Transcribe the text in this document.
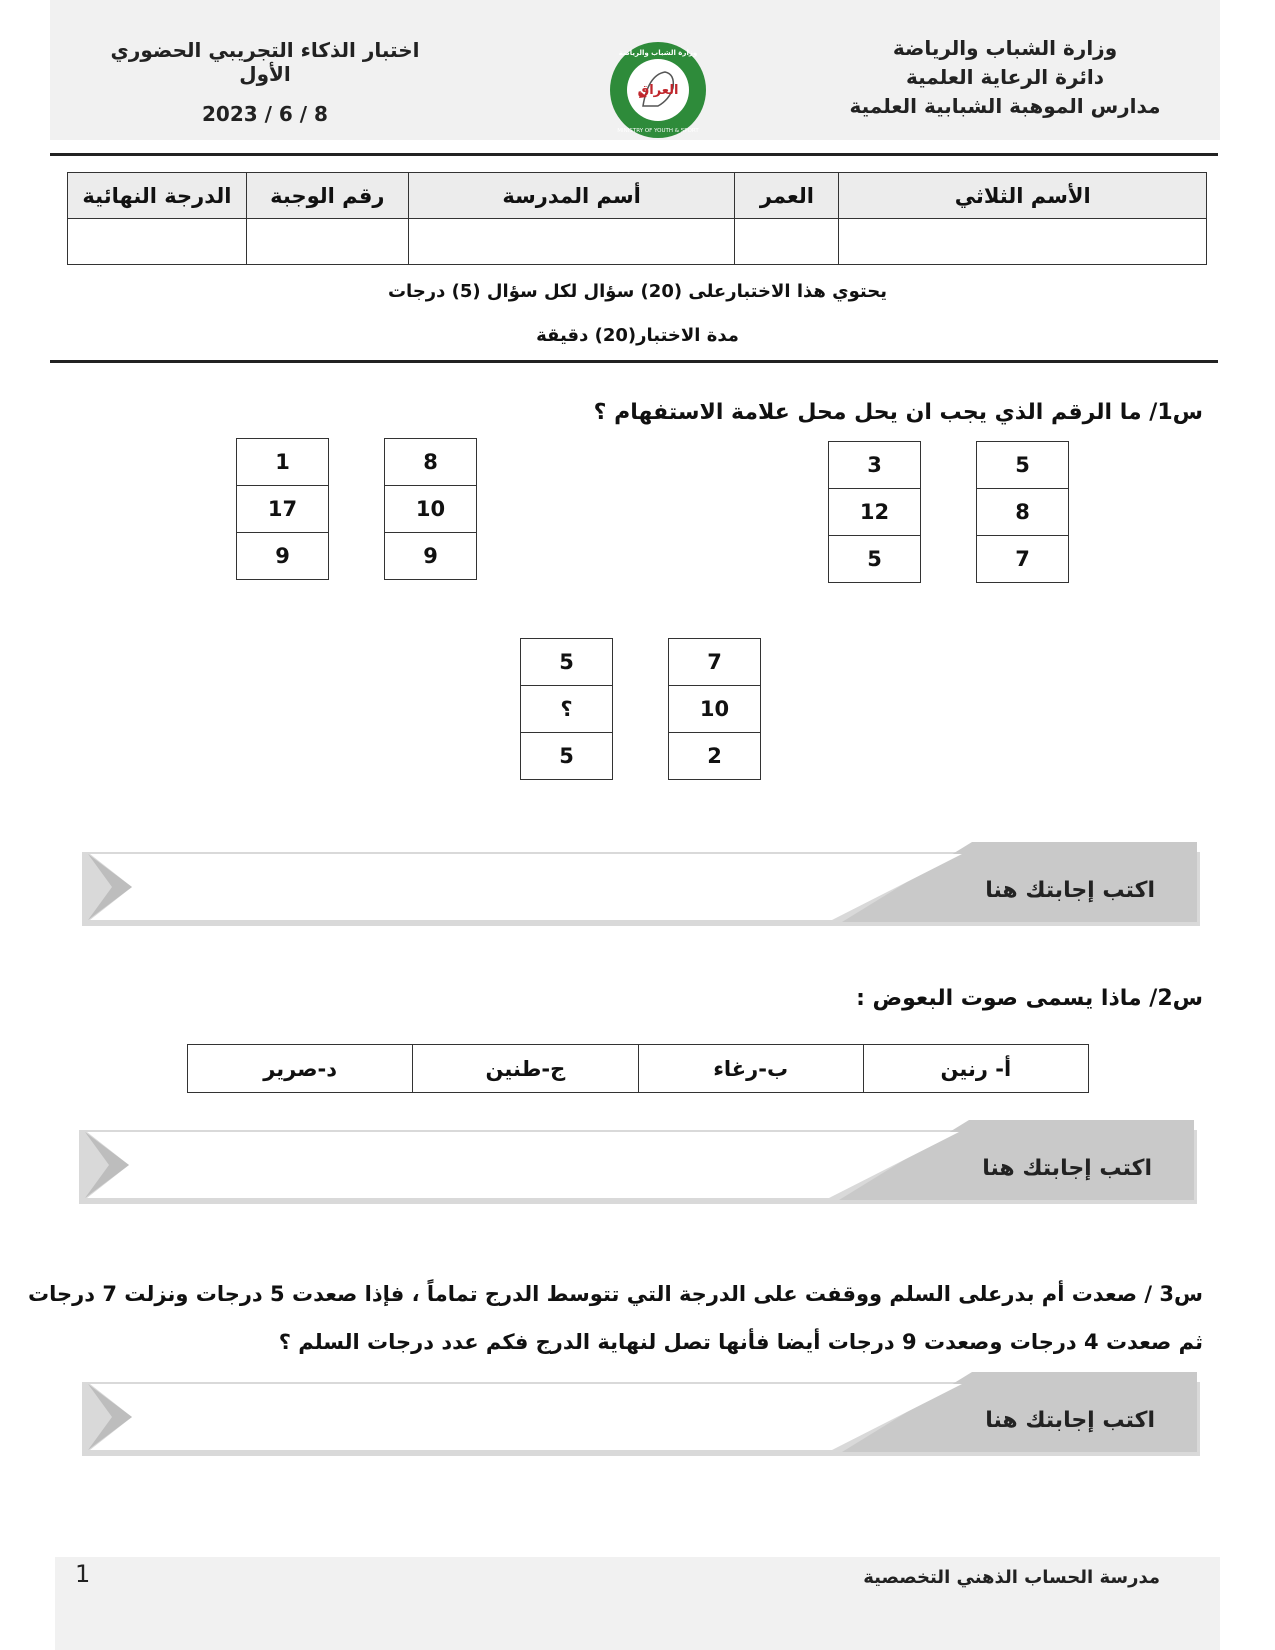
وزارة الشباب والرياضة
دائرة الرعاية العلمية
مدارس الموهبة الشبابية العلمية
اختبار الذكاء التجريبي الحضوري الأول
2023 / 6 / 8
العراق
وزارة الشباب والرياضة
MINISTRY OF YOUTH & SPORT
الأسم الثلاثي	العمر	أسم المدرسة	رقم الوجبة	الدرجة النهائية

يحتوي هذا الاختبارعلى (20) سؤال لكل سؤال (5) درجات
مدة الاختبار(20) دقيقة
س1/ ما الرقم الذي يجب ان يحل محل علامة الاستفهام ؟
3		5
12		8
5		7
1		8
17		10
9		9
5		7
؟		10
5		2
اكتب إجابتك هنا
س2/ ماذا يسمى صوت البعوض :
أ- رنين	ب-رغاء	ج-طنين	د-صرير
اكتب إجابتك هنا
س3 / صعدت أم بدرعلى السلم ووقفت على الدرجة التي تتوسط الدرج تماماً ، فإذا صعدت 5 درجات ونزلت 7 درجات
ثم صعدت 4 درجات وصعدت 9 درجات أيضا فأنها تصل لنهاية الدرج فكم عدد درجات السلم ؟
اكتب إجابتك هنا
مدرسة الحساب الذهني التخصصية
1
